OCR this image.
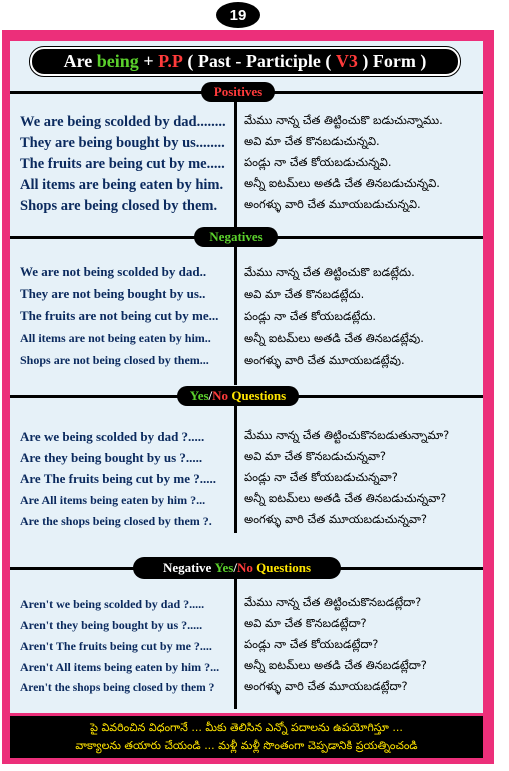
19
Are being + P.P ( Past - Participle ( V3 ) Form )
Positives
Negatives
Yes / No Questions
Negative Yes / No Questions
We are being scolded by dad........	మేము నాన్న చేత తిట్టించుకొ బడుచున్నాము.
They are being bought by us........	అవి మా చేత కొనబడుచున్నవి.
The fruits are being cut by me.....	పండ్లు నా చేత కోయబడుచున్నవి.
All items are being eaten by him.	అన్నీ ఐటమ్‌లు అతడి చేత తినబడుచున్నవి.
Shops are being closed by them.	అంగళ్ళు వారి చేత మూయబడుచున్నవి.
We are not being scolded by dad..	మేము నాన్న చేత తిట్టించుకొ బడట్లేదు.
They are not being bought by us..	అవి మా చేత కొనబడట్లేదు.
The fruits are not being cut by me...	పండ్లు నా చేత కోయబడట్లేదు.
All items are not being eaten by him..	అన్నీ ఐటమ్‌లు అతడి చేత తినబడట్లేవు.
Shops are not being closed by them...	అంగళ్ళు వారి చేత మూయబడట్లేవు.
Are we being scolded by dad ?.....	మేము నాన్న చేత తిట్టించుకొనబడుతున్నామా?
Are they being bought by us ?.....	అవి మా చేత కొనబడుచున్నవా?
Are The fruits being cut by me ?.....	పండ్లు నా చేత కోయబడుచున్నవా?
Are All items being eaten by him ?...	అన్నీ ఐటమ్‌లు అతడి చేత తినబడుచున్నవా?
Are the shops being closed by them ?.	అంగళ్ళు వారి చేత మూయబడుచున్నవా?
Aren't we being scolded by dad ?.....	మేము నాన్న చేత తిట్టించుకొనబడట్లేదా?
Aren't they being bought by us ?.....	అవి మా చేత కొనబడట్లేదా?
Aren't The fruits being cut by me ?....	పండ్లు నా చేత కోయబడట్లేదా?
Aren't All items being eaten by him ?...	అన్నీ ఐటమ్‌లు అతడి చేత తినబడట్లేదా?
Aren't the shops being closed by them ?	అంగళ్ళు వారి చేత మూయబడట్లేదా?
పై వివరించిన విధంగానే ... మీకు తెలిసిన ఎన్నో పదాలను ఉపయోగిస్తూ ...
వాక్యాలను తయారు చేయండి ... మళ్లీ మళ్లీ సొంతంగా చెప్పడానికి ప్రయత్నించండి
